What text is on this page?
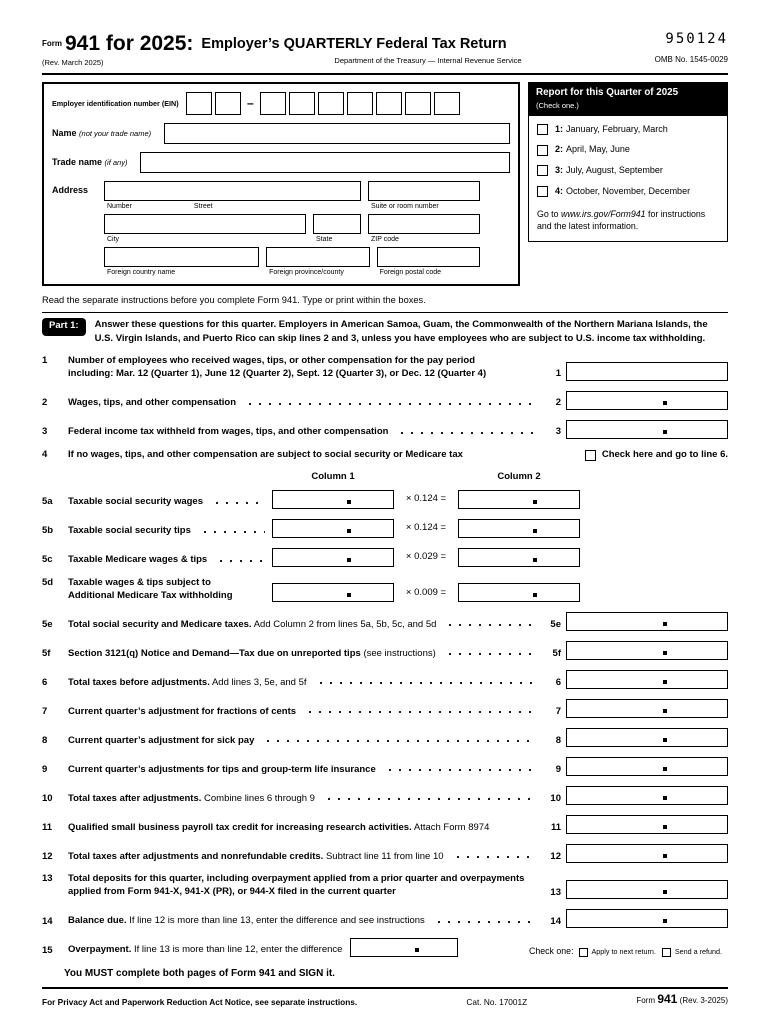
Form 941 for 2025:
(Rev. March 2025)
Employer’s QUARTERLY Federal Tax Return
Department of the Treasury — Internal Revenue Service
950124
OMB No. 1545-0029
Employer identification number (EIN)	–
Name (not your trade name)
Trade name (if any)
Address
Number	Street	Suite or room number
City	State	ZIP code
Foreign country name	Foreign province/county	Foreign postal code
Report for this Quarter of 2025
(Check one.)
1: January, February, March
2: April, May, June
3: July, August, September
4: October, November, December
Go to www.irs.gov/Form941 for instructions and the latest information.
Read the separate instructions before you complete Form 941. Type or print within the boxes.
Part 1:	Answer these questions for this quarter. Employers in American Samoa, Guam, the Commonwealth of the Northern Mariana Islands, the U.S. Virgin Islands, and Puerto Rico can skip lines 2 and 3, unless you have employees who are subject to U.S. income tax withholding.
1	Number of employees who received wages, tips, or other compensation for the pay period including: Mar. 12 (Quarter 1), June 12 (Quarter 2), Sept. 12 (Quarter 3), or Dec. 12 (Quarter 4)	1
2	Wages, tips, and other compensation	2
3	Federal income tax withheld from wages, tips, and other compensation	3
4	If no wages, tips, and other compensation are subject to social security or Medicare tax	Check here and go to line 6.
Column 1	Column 2
5a	Taxable social security wages	× 0.124 =
5b	Taxable social security tips	× 0.124 =
5c	Taxable Medicare wages & tips	× 0.029 =
5d	Taxable wages & tips subject to Additional Medicare Tax withholding	× 0.009 =
5e	Total social security and Medicare taxes. Add Column 2 from lines 5a, 5b, 5c, and 5d	5e
5f	Section 3121(q) Notice and Demand—Tax due on unreported tips (see instructions)	5f
6	Total taxes before adjustments. Add lines 3, 5e, and 5f	6
7	Current quarter’s adjustment for fractions of cents	7
8	Current quarter’s adjustment for sick pay	8
9	Current quarter’s adjustments for tips and group-term life insurance	9
10	Total taxes after adjustments. Combine lines 6 through 9	10
11	Qualified small business payroll tax credit for increasing research activities. Attach Form 8974	11
12	Total taxes after adjustments and nonrefundable credits. Subtract line 11 from line 10	12
13	Total deposits for this quarter, including overpayment applied from a prior quarter and overpayments applied from Form 941-X, 941-X (PR), or 944-X filed in the current quarter	13
14	Balance due. If line 12 is more than line 13, enter the difference and see instructions	14
15	Overpayment. If line 13 is more than line 12, enter the difference	Check one:	Apply to next return.	Send a refund.
You MUST complete both pages of Form 941 and SIGN it.
For Privacy Act and Paperwork Reduction Act Notice, see separate instructions.	Cat. No. 17001Z	Form 941 (Rev. 3-2025)
